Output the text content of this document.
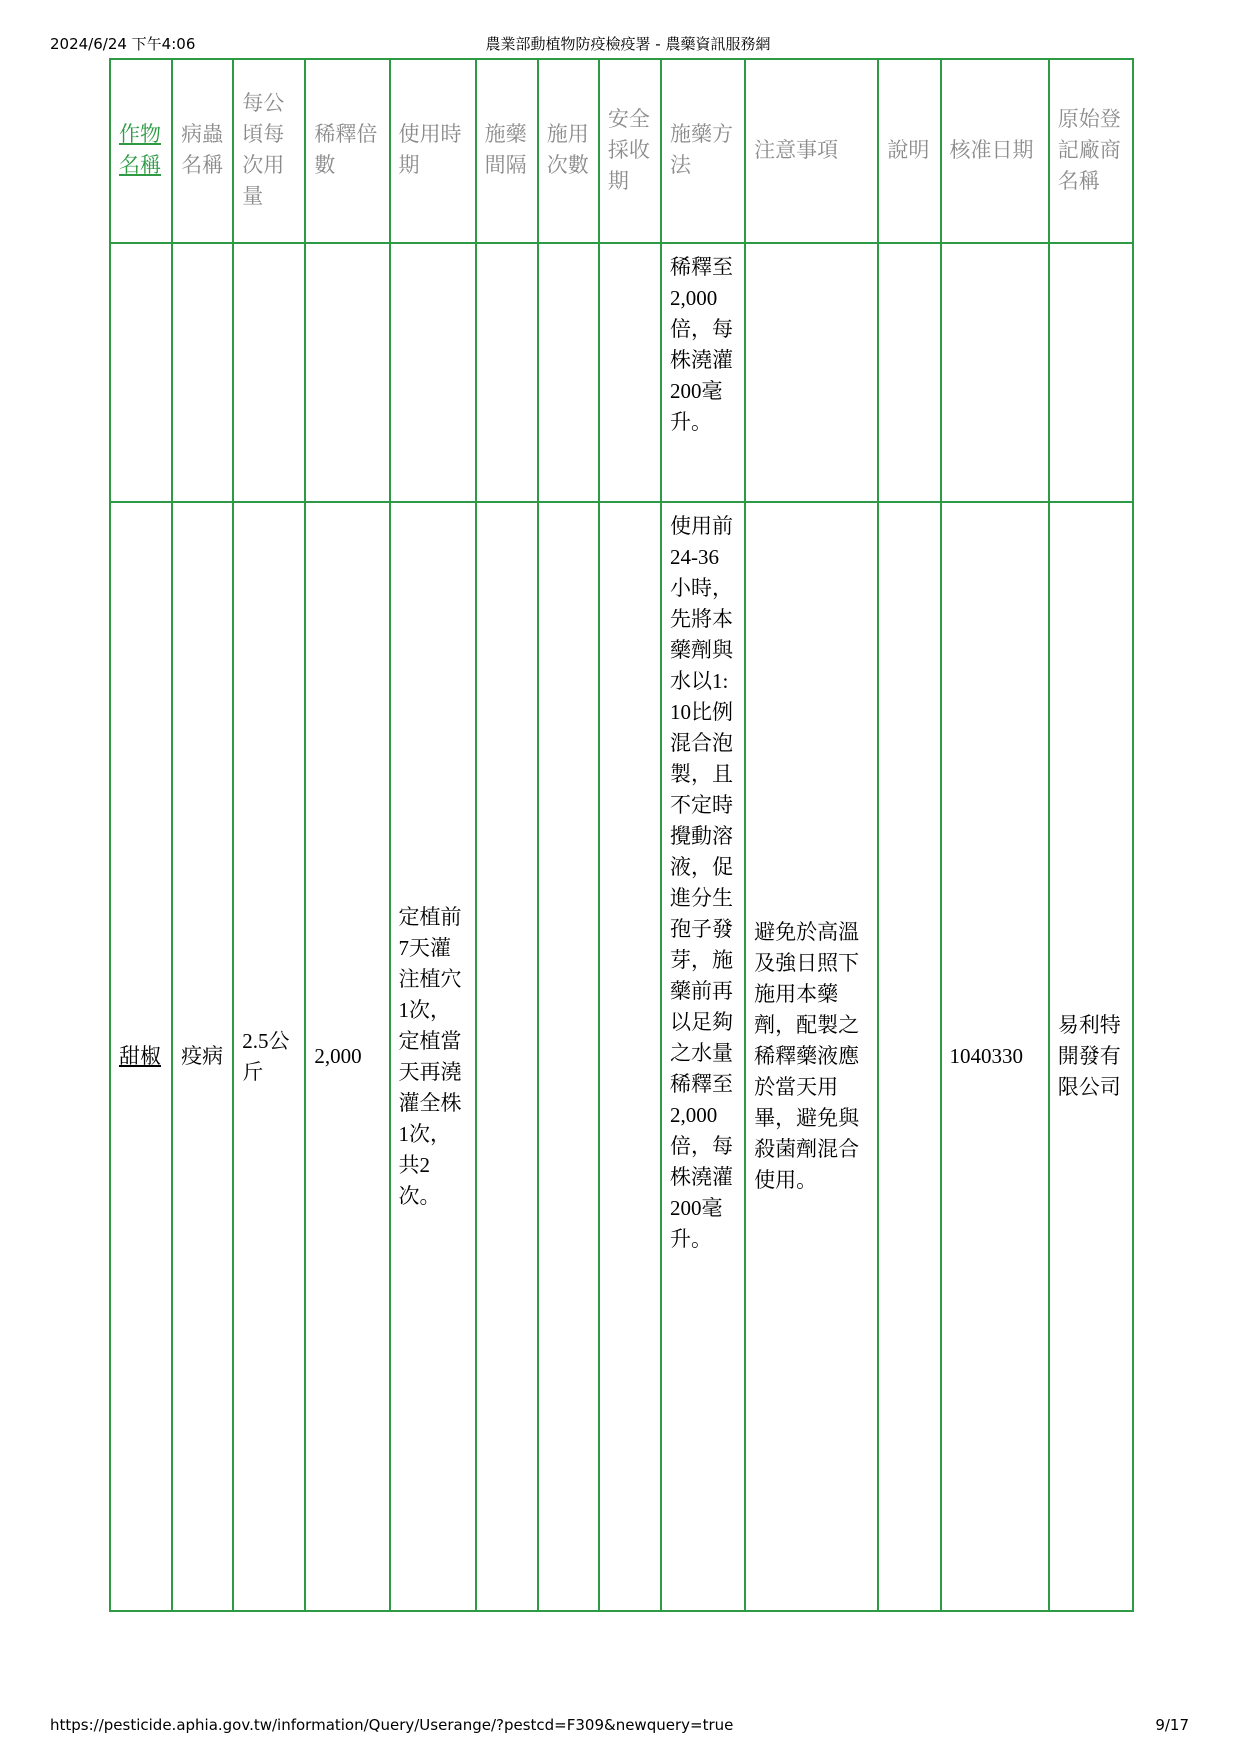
2024/6/24 下午4:06	農業部動植物防疫檢疫署 - 農藥資訊服務網
作物名稱	病蟲名稱	每公頃每次用量	稀釋倍數	使用時期	施藥間隔	施用次數	安全採收期	施藥方法	注意事項	說明	核准日期	原始登記廠商名稱
								稀釋至2,000倍，每株澆灌200毫升。				
甜椒	疫病	2.5公斤	2,000	定植前7天灌注植穴1次，定植當天再澆灌全株1次，共2次。				使用前24-36小時，先將本藥劑與水以1:10比例混合泡製，且不定時攪動溶液，促進分生孢子發芽，施藥前再以足夠之水量稀釋至2,000倍，每株澆灌200毫升。	避免於高溫及強日照下施用本藥劑，配製之稀釋藥液應於當天用畢，避免與殺菌劑混合使用。		1040330	易利特開發有限公司
https://pesticide.aphia.gov.tw/information/Query/Userange/?pestcd=F309&newquery=true	9/17
